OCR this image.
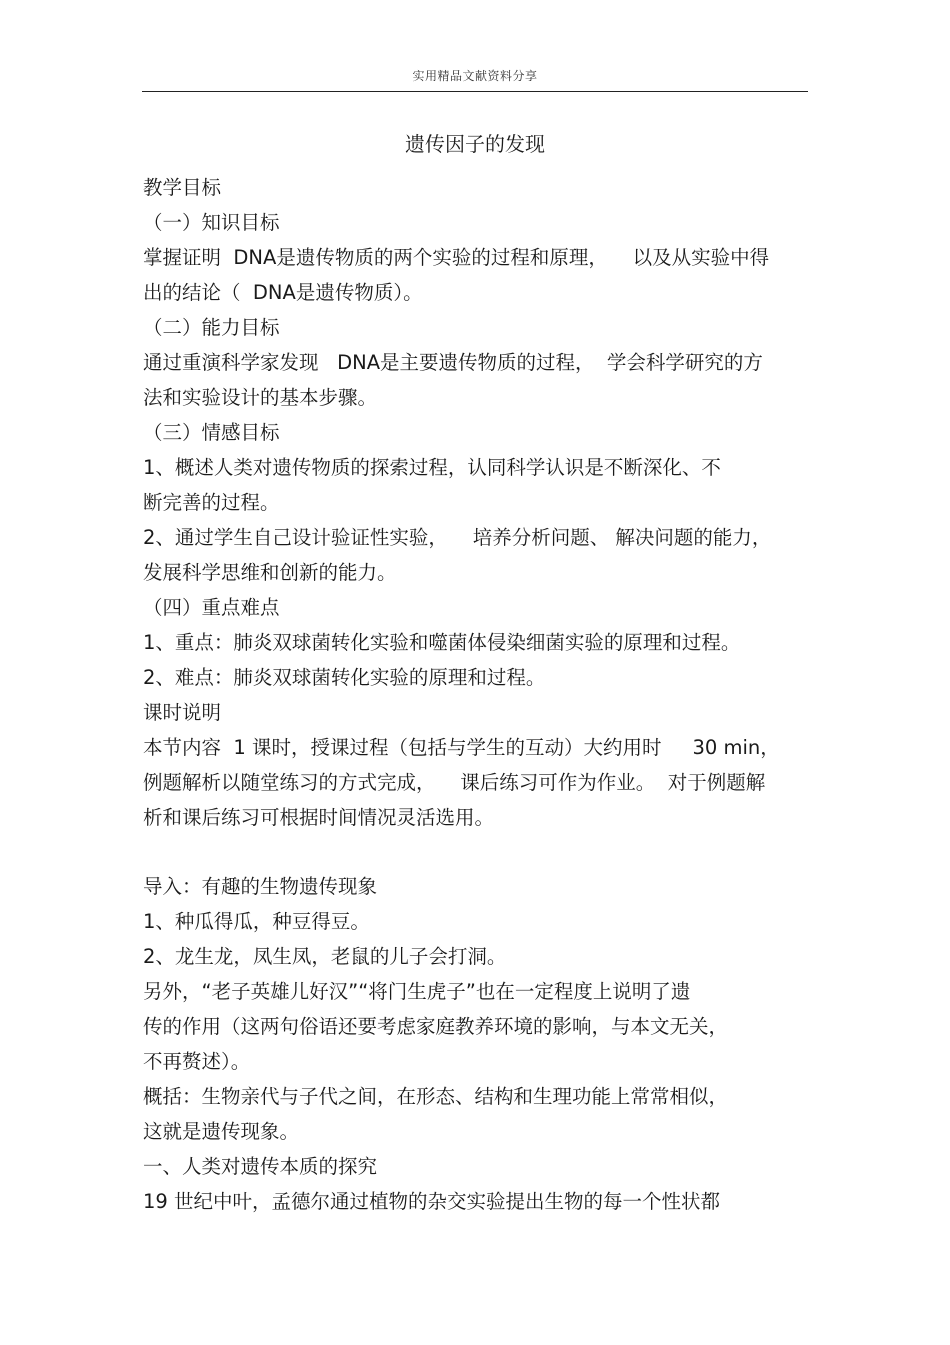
实用精品文献资料分享
遗传因子的发现
教学目标
（一）知识目标
掌握证明  DNA是遗传物质的两个实验的过程和原理，    以及从实验中得
出的结论（  DNA是遗传物质）。
（二）能力目标
通过重演科学家发现   DNA是主要遗传物质的过程，  学会科学研究的方
法和实验设计的基本步骤。
（三）情感目标
1、概述人类对遗传物质的探索过程，认同科学认识是不断深化、不
断完善的过程。
2、通过学生自己设计验证性实验，    培养分析问题、 解决问题的能力，
发展科学思维和创新的能力。
（四）重点难点
1、重点：肺炎双球菌转化实验和噬菌体侵染细菌实验的原理和过程。
2、难点：肺炎双球菌转化实验的原理和过程。
课时说明
本节内容  1 课时，授课过程（包括与学生的互动）大约用时     30 min，
例题解析以随堂练习的方式完成，    课后练习可作为作业。  对于例题解
析和课后练习可根据时间情况灵活选用。
导入：有趣的生物遗传现象
1、种瓜得瓜，种豆得豆。
2、龙生龙，凤生凤，老鼠的儿子会打洞。
另外，“老子英雄儿好汉”“将门生虎子”也在一定程度上说明了遗
传的作用（这两句俗语还要考虑家庭教养环境的影响，与本文无关，
不再赘述）。
概括：生物亲代与子代之间，在形态、结构和生理功能上常常相似，
这就是遗传现象。
一、人类对遗传本质的探究
19 世纪中叶，孟德尔通过植物的杂交实验提出生物的每一个性状都
